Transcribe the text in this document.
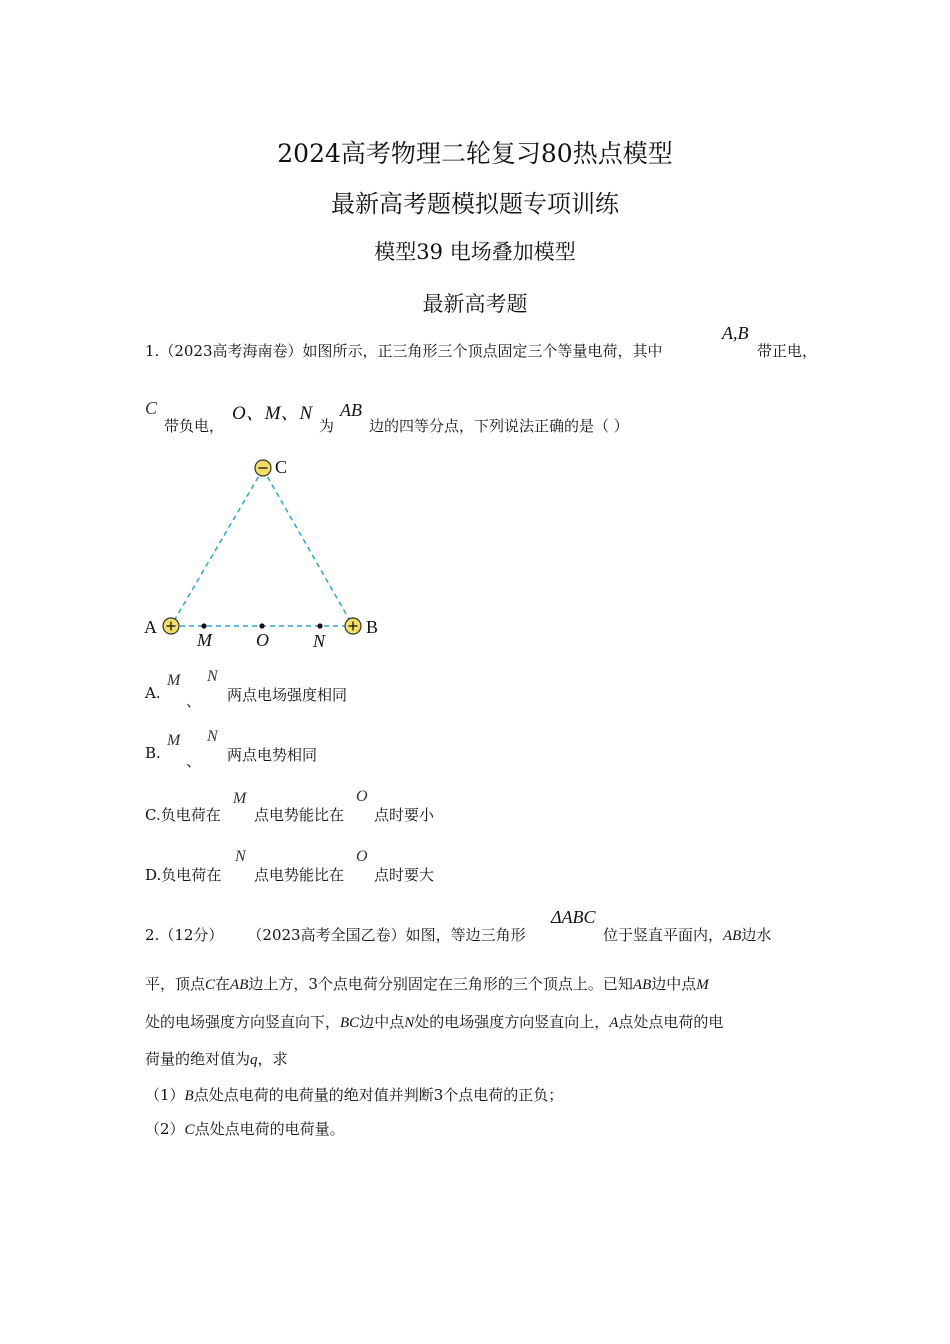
2024高考物理二轮复习80热点模型
最新高考题模拟题专项训练
模型39 电场叠加模型
最新高考题
1.（2023高考海南卷）如图所示，正三角形三个顶点固定三个等量电荷，其中
A,B
带正电，
C
带负电，
O、M、N
为
AB
边的四等分点，下列说法正确的是（ ）
C
A	B
M O N
A.
M
、
N
两点电场强度相同
B.
M
、
N
两点电势相同
C.负电荷在
M
点电势能比在
O
点时要小
D.负电荷在
N
点电势能比在
O
点时要大
2.（12分） （2023高考全国乙卷）如图，等边三角形
ΔABC
位于竖直平面内，AB边水
平，顶点C在AB边上方，3个点电荷分别固定在三角形的三个顶点上。已知AB边中点M
处的电场强度方向竖直向下，BC边中点N处的电场强度方向竖直向上，A点处点电荷的电
荷量的绝对值为q，求
（1）B点处点电荷的电荷量的绝对值并判断3个点电荷的正负；
（2）C点处点电荷的电荷量。
